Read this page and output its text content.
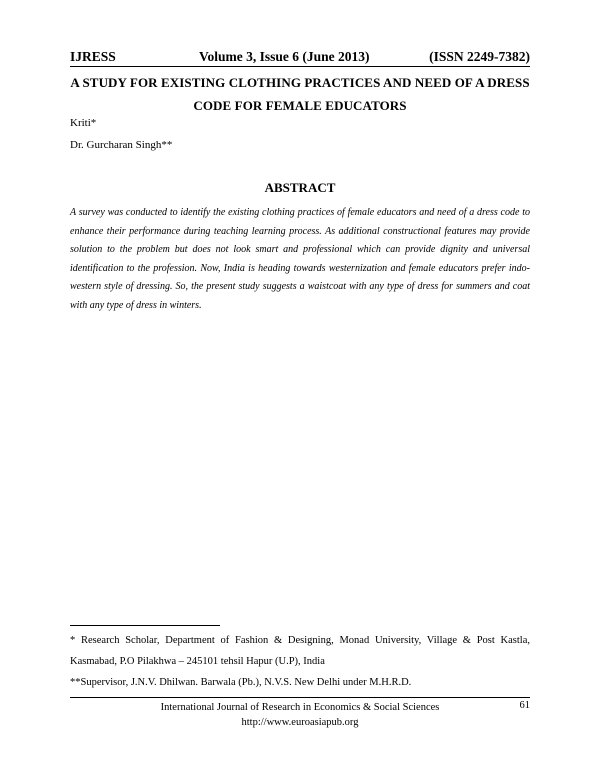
IJRESS	Volume 3, Issue 6 (June 2013)	(ISSN 2249-7382)
A STUDY FOR EXISTING CLOTHING PRACTICES AND NEED OF A DRESS CODE FOR FEMALE EDUCATORS
Kriti*
Dr. Gurcharan Singh**
ABSTRACT

A survey was conducted to identify the existing clothing practices of female educators and need of a dress code to enhance their performance during teaching learning process. As additional constructional features may provide solution to the problem but does not look smart and professional which can provide dignity and universal identification to the profession. Now, India is heading towards westernization and female educators prefer indo-western style of dressing. So, the present study suggests a waistcoat with any type of dress for summers and coat with any type of dress in winters.

* Research Scholar, Department of Fashion & Designing, Monad University, Village & Post Kastla, Kasmabad, P.O Pilakhwa – 245101 tehsil Hapur (U.P), India

**Supervisor, J.N.V. Dhilwan. Barwala (Pb.), N.V.S. New Delhi under M.H.R.D.

International Journal of Research in Economics & Social Sciences
http://www.euroasiapub.org
61
